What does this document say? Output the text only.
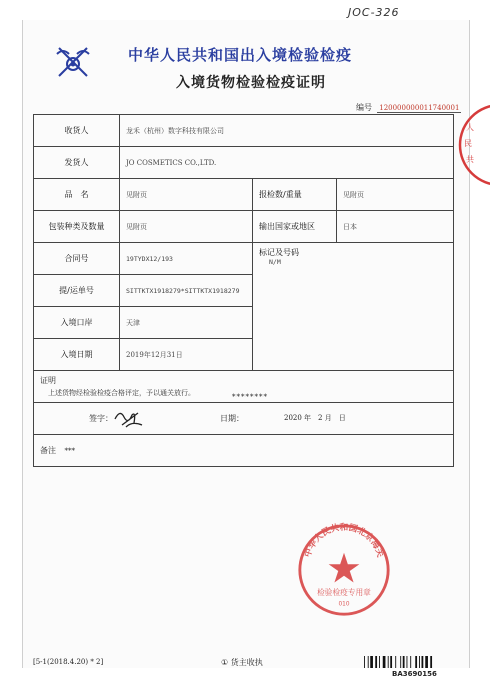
JOC-326
中华人民共和国出入境检验检疫
入境货物检验检疫证明
编号 120000000011740001
收货人	龙禾（杭州）数字科技有限公司		
发货人	JO COSMETICS CO.,LTD.		
品　名	见附页	报检数/重量	见附页
包装种类及数量	见附页	输出国家或地区	日本
合同号	19TYDX12/193	标记及号码
N/M	

提/运单号	SITTKTX1918279*SITTKTX1918279		
入境口岸	天津		
入境日期	2019年12月31日		

证明
上述货物经检验检疫合格评定，予以通关放行。 ********			

签字： 日期： 2020 年　2 月　日			

备注 ***			
中华人民共和国北京海关
检验检疫专用章
010
人
民
共
[5-1(2018.4.20) * 2]	① 货主收执
BA3690156
